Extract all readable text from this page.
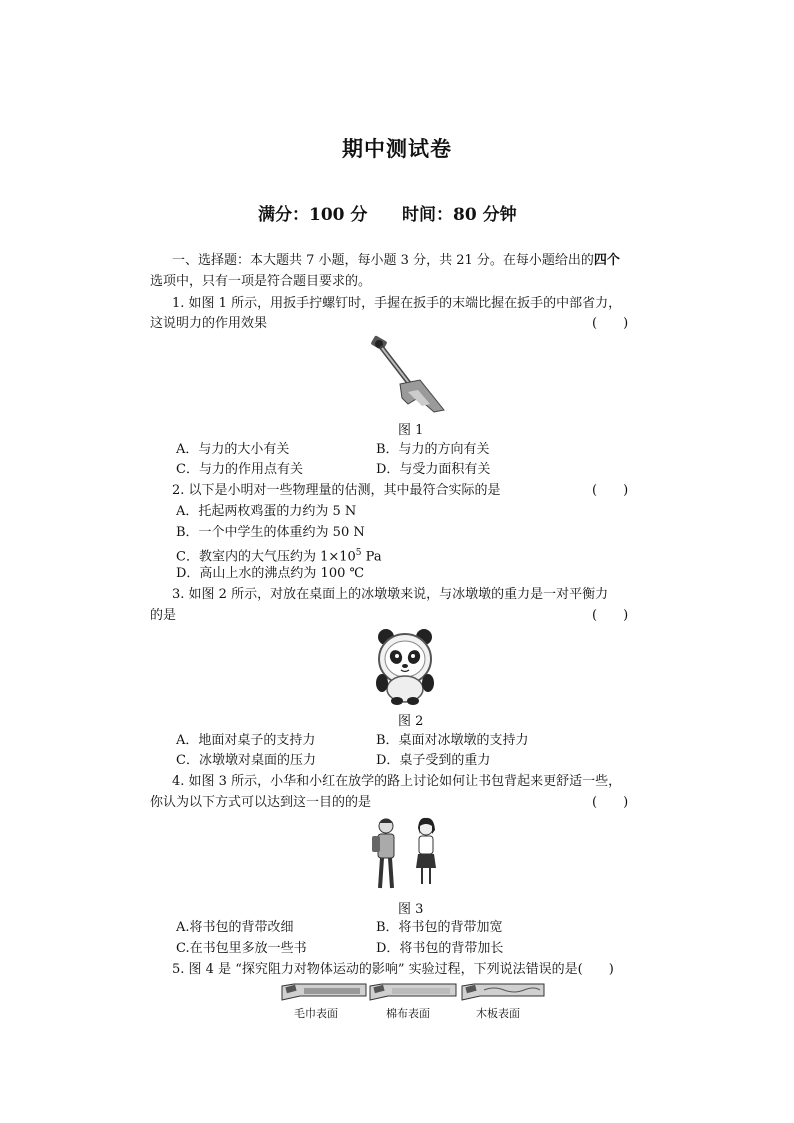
期中测试卷
满分：100 分 时间：80 分钟
一、选择题：本大题共 7 小题，每小题 3 分，共 21 分。在每小题给出的四个
选项中，只有一项是符合题目要求的。
1. 如图 1 所示，用扳手拧螺钉时，手握在扳手的末端比握在扳手的中部省力，
这说明力的作用效果	(　　)
图 1
A．与力的大小有关	B．与力的方向有关
C．与力的作用点有关	D．与受力面积有关
2. 以下是小明对一些物理量的估测，其中最符合实际的是	(　　)
A．托起两枚鸡蛋的力约为 5 N
B．一个中学生的体重约为 50 N
C．教室内的大气压约为 $1\times 10^5$ Pa
D．高山上水的沸点约为 100 ℃
3. 如图 2 所示，对放在桌面上的冰墩墩来说，与冰墩墩的重力是一对平衡力
的是	(　　)
图 2
A．地面对桌子的支持力	B．桌面对冰墩墩的支持力
C．冰墩墩对桌面的压力	D．桌子受到的重力
4. 如图 3 所示，小华和小红在放学的路上讨论如何让书包背起来更舒适一些，
你认为以下方式可以达到这一目的的是	(　　)
图 3
A.将书包的背带改细	B．将书包的背带加宽
C.在书包里多放一些书	D．将书包的背带加长
5. 图 4 是 “探究阻力对物体运动的影响” 实验过程，下列说法错误的是(　　)
毛巾表面	棉布表面	木板表面
